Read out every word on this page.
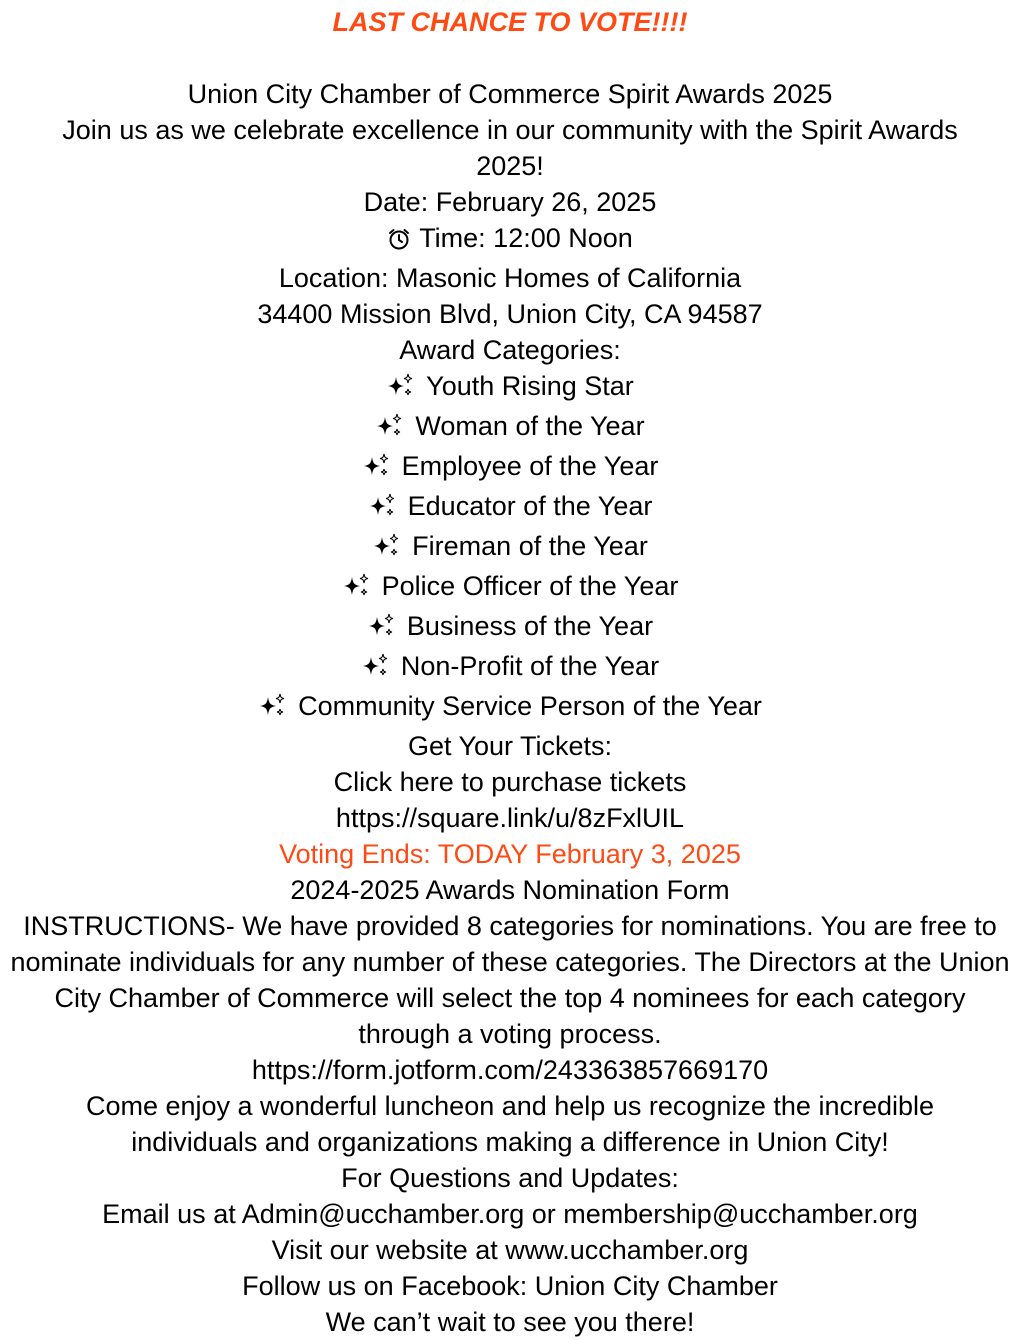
LAST CHANCE TO VOTE!!!!
Union City Chamber of Commerce Spirit Awards 2025
Join us as we celebrate excellence in our community with the Spirit Awards 2025!
Date: February 26, 2025
Time: 12:00 Noon
Location: Masonic Homes of California
34400 Mission Blvd, Union City, CA 94587
Award Categories:
Youth Rising Star
Woman of the Year
Employee of the Year
Educator of the Year
Fireman of the Year
Police Officer of the Year
Business of the Year
Non-Profit of the Year
Community Service Person of the Year
Get Your Tickets:
Click here to purchase tickets
https://square.link/u/8zFxlUIL
Voting Ends: TODAY February 3, 2025
2024-2025 Awards Nomination Form
INSTRUCTIONS- We have provided 8 categories for nominations. You are free to nominate individuals for any number of these categories. The Directors at the Union City Chamber of Commerce will select the top 4 nominees for each category through a voting process.
https://form.jotform.com/243363857669170
Come enjoy a wonderful luncheon and help us recognize the incredible individuals and organizations making a difference in Union City!
For Questions and Updates:
Email us at Admin@ucchamber.org or membership@ucchamber.org
Visit our website at www.ucchamber.org
Follow us on Facebook: Union City Chamber
We can’t wait to see you there!
